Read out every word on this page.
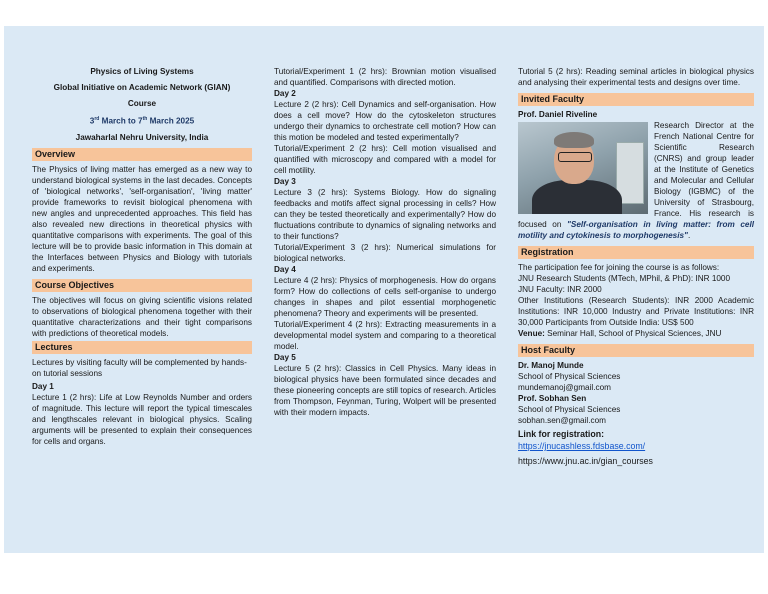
Physics of Living Systems

Global Initiative on Academic Network (GIAN)

Course

3rd March to 7th March 2025

Jawaharlal Nehru University, India

Overview

The Physics of living matter has emerged as a new way to understand biological systems in the last decades. Concepts of 'biological networks', 'self-organisation', 'living matter' provide frameworks to revisit biological phenomena with new angles and unprecedented approaches. This field has also revealed new directions in theoretical physics with quantitative comparisons with experiments. The goal of this lecture will be to provide basic information in This domain at the Interfaces between Physics and Biology with tutorials and experiments.

Course Objectives

The objectives will focus on giving scientific visions related to observations of biological phenomena together with their quantitative characterizations and their tight comparisons with predictions of theoretical models.

Lectures

Lectures by visiting faculty will be complemented by hands-on tutorial sessions

Day 1

Lecture 1 (2 hrs): Life at Low Reynolds Number and orders of magnitude. This lecture will report the typical timescales and lengthscales relevant in biological physics. Scaling arguments will be presented to explain their consequences for cells and organs.

Tutorial/Experiment 1 (2 hrs): Brownian motion visualised and quantified. Comparisons with directed motion.

Day 2

Lecture 2 (2 hrs): Cell Dynamics and self-organisation. How does a cell move? How do the cytoskeleton structures undergo their dynamics to orchestrate cell motion? How can this motion be modeled and tested experimentally?

Tutorial/Experiment 2 (2 hrs): Cell motion visualised and quantified with microscopy and compared with a model for cell motility.

Day 3

Lecture 3 (2 hrs): Systems Biology. How do signaling feedbacks and motifs affect signal processing in cells? How can they be tested theoretically and experimentally? How do fluctuations contribute to dynamics of signaling networks and to their functions?

Tutorial/Experiment 3 (2 hrs): Numerical simulations for biological networks.

Day 4

Lecture 4 (2 hrs): Physics of morphogenesis. How do organs form? How do collections of cells self-organise to undergo changes in shapes and pilot essential morphogenetic phenomena? Theory and experiments will be presented.

Tutorial/Experiment 4 (2 hrs): Extracting measurements in a developmental model system and comparing to a theoretical model.

Day 5

Lecture 5 (2 hrs): Classics in Cell Physics. Many ideas in biological physics have been formulated since decades and these pioneering concepts are still topics of research. Articles from Thompson, Feynman, Turing, Wolpert will be presented with their modern impacts.

Tutorial 5 (2 hrs): Reading seminal articles in biological physics and analysing their experimental tests and designs over time.

Invited Faculty

Prof. Daniel Riveline

Research Director at the French National Centre for Scientific Research (CNRS) and group leader at the Institute of Genetics and Molecular and Cellular Biology (IGBMC) of the University of Strasbourg, France. His research is focused on "Self-organisation in living matter: from cell motility and cytokinesis to morphogenesis".

Registration

The participation fee for joining the course is as follows:

JNU Research Students (MTech, MPhil, & PhD): INR 1000

JNU Faculty: INR 2000

Other Institutions (Research Students): INR 2000 Academic Institutions: INR 10,000 Industry and Private Institutions: INR 30,000 Participants from Outside India: US$ 500

Venue: Seminar Hall, School of Physical Sciences, JNU

Host Faculty

Dr. Manoj Munde

School of Physical Sciences

mundemanoj@gmail.com

Prof. Sobhan Sen

School of Physical Sciences

sobhan.sen@gmail.com

Link for registration:

https://jnucashless.fdsbase.com/

https://www.jnu.ac.in/gian_courses
